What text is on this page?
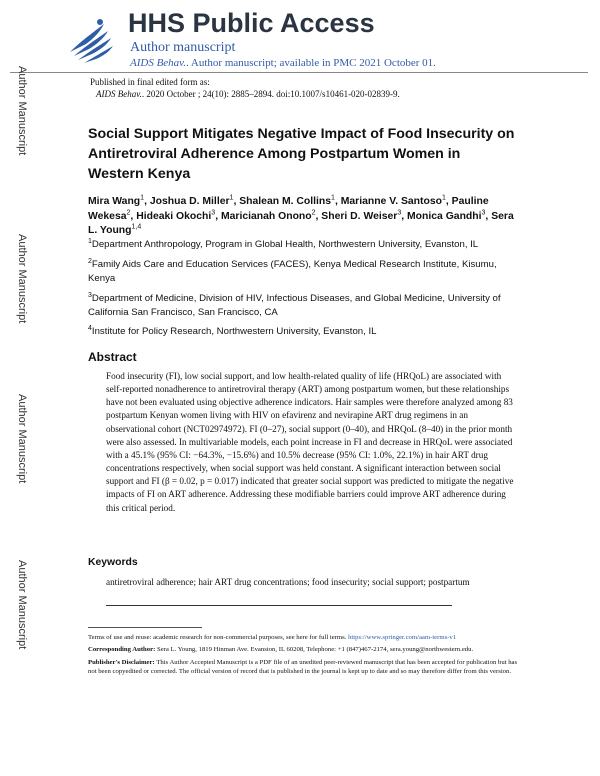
HHS Public Access
Author manuscript
AIDS Behav.. Author manuscript; available in PMC 2021 October 01.
Author Manuscript
Author Manuscript
Author Manuscript
Author Manuscript
Published in final edited form as:
AIDS Behav.. 2020 October ; 24(10): 2885–2894. doi:10.1007/s10461-020-02839-9.
Social Support Mitigates Negative Impact of Food Insecurity on Antiretroviral Adherence Among Postpartum Women in Western Kenya
Mira Wang$^1$, Joshua D. Miller$^1$, Shalean M. Collins$^1$, Marianne V. Santoso$^1$, Pauline Wekesa$^2$, Hideaki Okochi$^3$, Maricianah Onono$^2$, Sheri D. Weiser$^3$, Monica Gandhi$^3$, Sera L. Young$^{1,4}$
$^1$Department Anthropology, Program in Global Health, Northwestern University, Evanston, IL
$^2$Family Aids Care and Education Services (FACES), Kenya Medical Research Institute, Kisumu, Kenya
$^3$Department of Medicine, Division of HIV, Infectious Diseases, and Global Medicine, University of California San Francisco, San Francisco, CA
$^4$Institute for Policy Research, Northwestern University, Evanston, IL
Abstract
Food insecurity (FI), low social support, and low health-related quality of life (HRQoL) are associated with self-reported nonadherence to antiretroviral therapy (ART) among postpartum women, but these relationships have not been evaluated using objective adherence indicators. Hair samples were therefore analyzed among 83 postpartum Kenyan women living with HIV on efavirenz and nevirapine ART drug regimens in an observational cohort (NCT02974972). FI (0–27), social support (0–40), and HRQoL (8–40) in the prior month were also assessed. In multivariable models, each point increase in FI and decrease in HRQoL were associated with a 45.1% (95% CI: −64.3%, −15.6%) and 10.5% decrease (95% CI: 1.0%, 22.1%) in hair ART drug concentrations respectively, when social support was held constant. A significant interaction between social support and FI (β = 0.02, p = 0.017) indicated that greater social support was predicted to mitigate the negative impacts of FI on ART adherence. Addressing these modifiable barriers could improve ART adherence during this critical period.
Keywords
antiretroviral adherence; hair ART drug concentrations; food insecurity; social support; postpartum

Terms of use and reuse: academic research for non-commercial purposes, see here for full terms. https://www.springer.com/aam-terms-v1

Corresponding Author: Sera L. Young, 1819 Hinman Ave. Evanston, IL 60208, Telephone: +1 (847)467-2174, sera.young@northwestern.edu.

Publisher's Disclaimer: This Author Accepted Manuscript is a PDF file of an unedited peer-reviewed manuscript that has been accepted for publication but has not been copyedited or corrected. The official version of record that is published in the journal is kept up to date and so may therefore differ from this version.
